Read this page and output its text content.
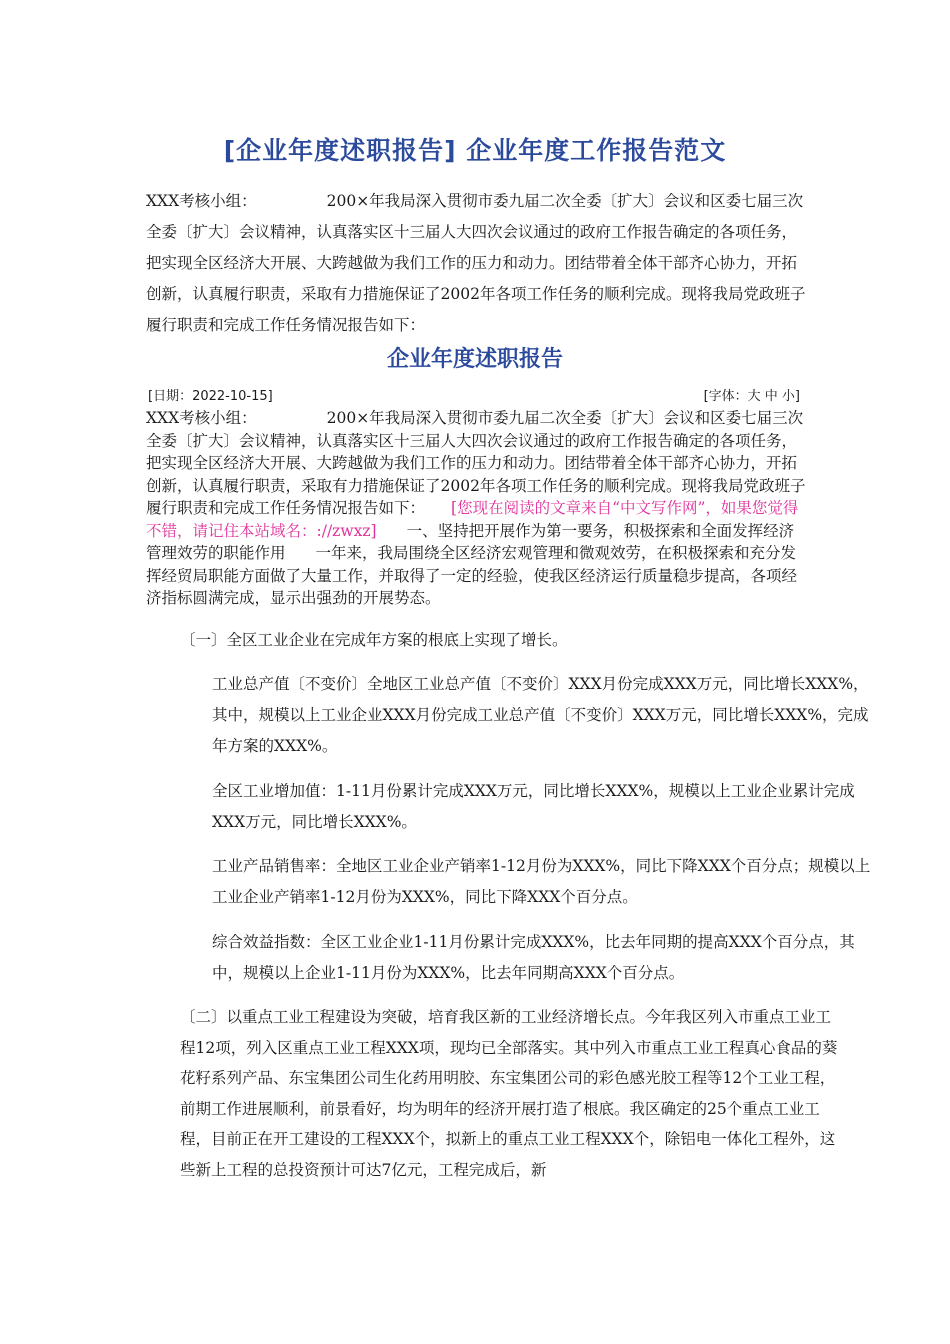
[企业年度述职报告] 企业年度工作报告范文
XXX考核小组：	200×年我局深入贯彻市委九届二次全委〔扩大〕会议和区委七届三次全委〔扩大〕会议精神，认真落实区十三届人大四次会议通过的政府工作报告确定的各项任务，把实现全区经济大开展、大跨越做为我们工作的压力和动力。团结带着全体干部齐心协力，开拓创新，认真履行职责，采取有力措施保证了2002年各项工作任务的顺利完成。现将我局党政班子履行职责和完成工作任务情况报告如下：
企业年度述职报告
[日期：2022-10-15]	[字体：大 中 小]
XXX考核小组：	200×年我局深入贯彻市委九届二次全委〔扩大〕会议和区委七届三次全委〔扩大〕会议精神，认真落实区十三届人大四次会议通过的政府工作报告确定的各项任务，把实现全区经济大开展、大跨越做为我们工作的压力和动力。团结带着全体干部齐心协力，开拓创新，认真履行职责，采取有力措施保证了2002年各项工作任务的顺利完成。现将我局党政班子履行职责和完成工作任务情况报告如下： [您现在阅读的文章来自“中文写作网”，如果您觉得不错，请记住本站域名：://zwxz] 一、坚持把开展作为第一要务，积极探索和全面发挥经济管理效劳的职能作用 一年来，我局围绕全区经济宏观管理和微观效劳，在积极探索和充分发挥经贸局职能方面做了大量工作，并取得了一定的经验，使我区经济运行质量稳步提高，各项经济指标圆满完成，显示出强劲的开展势态。
〔一〕全区工业企业在完成年方案的根底上实现了增长。
工业总产值〔不变价〕全地区工业总产值〔不变价〕XXX月份完成XXX万元，同比增长XXX%，其中，规模以上工业企业XXX月份完成工业总产值〔不变价〕XXX万元，同比增长XXX%，完成年方案的XXX%。
全区工业增加值：1-11月份累计完成XXX万元，同比增长XXX%，规模以上工业企业累计完成XXX万元，同比增长XXX%。
工业产品销售率：全地区工业企业产销率1-12月份为XXX%，同比下降XXX个百分点；规模以上工业企业产销率1-12月份为XXX%，同比下降XXX个百分点。
综合效益指数：全区工业企业1-11月份累计完成XXX%，比去年同期的提高XXX个百分点，其中，规模以上企业1-11月份为XXX%，比去年同期高XXX个百分点。
〔二〕以重点工业工程建设为突破，培育我区新的工业经济增长点。今年我区列入市重点工业工程12项，列入区重点工业工程XXX项，现均已全部落实。其中列入市重点工业工程真心食品的葵花籽系列产品、东宝集团公司生化药用明胶、东宝集团公司的彩色感光胶工程等12个工业工程，前期工作进展顺利，前景看好，均为明年的经济开展打造了根底。我区确定的25个重点工业工程，目前正在开工建设的工程XXX个，拟新上的重点工业工程XXX个，除铝电一体化工程外，这些新上工程的总投资预计可达7亿元，工程完成后，新
